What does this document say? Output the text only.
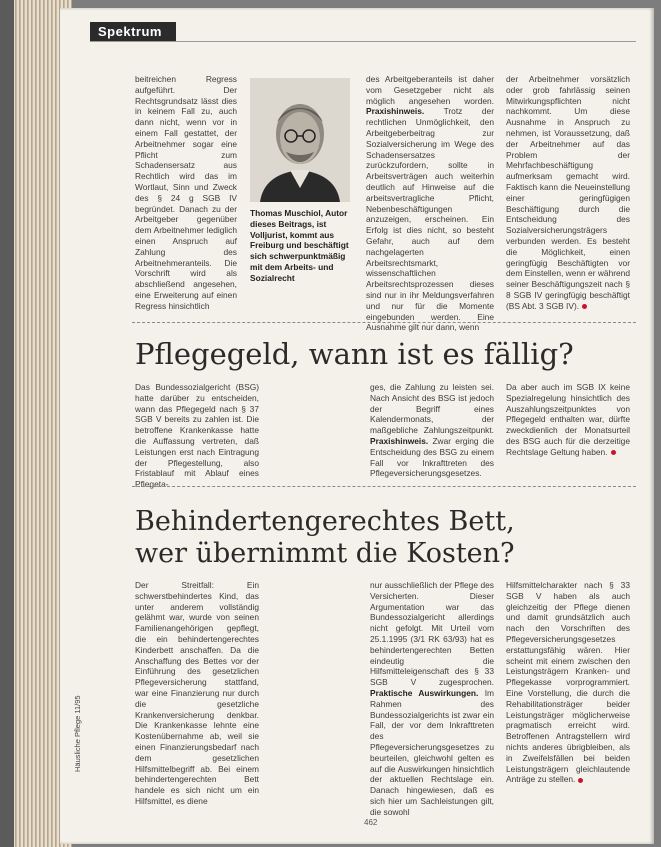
Spektrum

beitreichen Regress aufgeführt. Der Rechtsgrundsatz lässt dies in keinem Fall zu, auch dann nicht, wenn vor in einem Fall gestattet, der Arbeitnehmer sogar eine Pflicht zum Schadensersatz aus Rechtlich wird das im Wortlaut, Sinn und Zweck des § 24 g SGB IV begründet. Danach zu der Arbeitgeber gegenüber dem Arbeitnehmer lediglich einen Anspruch auf Zahlung des Arbeitnehmeranteils. Die Vorschrift wird als abschließend angesehen, eine Erweiterung auf einen Regress hinsichtlich

Thomas Muschiol, Autor dieses Beitrags, ist Volljurist, kommt aus Freiburg und beschäftigt sich schwerpunktmäßig mit dem Arbeits- und Sozialrecht

des Arbeitgeberanteils ist daher vom Gesetzgeber nicht als möglich angesehen worden. Praxishinweis. Trotz der rechtlichen Unmöglichkeit, den Arbeitgeberbeitrag zur Sozialversicherung im Wege des Schadensersatzes zurückzufordern, sollte in Arbeitsverträgen auch weiterhin deutlich auf Hinweise auf die arbeitsvertragliche Pflicht, Nebenbeschäftigungen anzuzeigen, erscheinen. Ein Erfolg ist dies nicht, so besteht Gefahr, auch auf dem nachgelagerten Arbeitsrechtsmarkt, wissenschaftlichen Arbeitsrechtsprozessen dieses sind nur in ihr Meldungsverfahren und nur für die Momente eingebunden werden. Eine Ausnahme gilt nur dann, wenn

der Arbeitnehmer vorsätzlich oder grob fahrlässig seinen Mitwirkungspflichten nicht nachkommt. Um diese Ausnahme in Anspruch zu nehmen, ist Voraussetzung, daß der Arbeitnehmer auf das Problem der Mehrfachbeschäftigung aufmerksam gemacht wird. Faktisch kann die Neueinstellung einer geringfügigen Beschäftigung durch die Entscheidung des Sozialversicherungsträgers verbunden werden. Es besteht die Möglichkeit, einen geringfügig Beschäftigten vor dem Einstellen, wenn er während seiner Beschäftigungszeit nach § 8 SGB IV geringfügig beschäftigt (BS Abt. 3 SGB IV).

Pflegegeld, wann ist es fällig?

Das Bundessozialgericht (BSG) hatte darüber zu entscheiden, wann das Pflegegeld nach § 37 SGB V bereits zu zahlen ist. Die betroffene Krankenkasse hatte die Auffassung vertreten, daß Leistungen erst nach Eintragung der Pflegestellung, also Fristablauf mit Ablauf eines Pflegeta-

ges, die Zahlung zu leisten sei. Nach Ansicht des BSG ist jedoch der Begriff eines Kalendermonats, der maßgebliche Zahlungszeitpunkt. Praxishinweis. Zwar erging die Entscheidung des BSG zu einem Fall vor Inkrafttreten des Pflegeversicherungsgesetzes.

Da aber auch im SGB IX keine Spezialregelung hinsichtlich des Auszahlungszeitpunktes von Pflegegeld enthalten war, dürfte zweckdienlich der Monatsurteil des BSG auch für die derzeitige Rechtslage Geltung haben.

Behindertengerechtes Bett,
wer übernimmt die Kosten?

Der Streitfall: Ein schwerstbehindertes Kind, das unter anderem vollständig gelähmt war, wurde von seinen Familienangehörigen gepflegt, die ein behindertengerechtes Kinderbett anschaffen. Da die Anschaffung des Bettes vor der Einführung des gesetzlichen Pflegeversicherung stattfand, war eine Finanzierung nur durch die gesetzliche Krankenversicherung denkbar. Die Krankenkasse lehnte eine Kostenübernahme ab, weil sie einen Finanzierungsbedarf nach dem gesetzlichen Hilfsmittelbegriff ab. Bei einem behindertengerechten Bett handele es sich nicht um ein Hilfsmittel, es diene

nur ausschließlich der Pflege des Versicherten. Dieser Argumentation war das Bundessozialgericht allerdings nicht gefolgt. Mit Urteil vom 25.1.1995 (3/1 RK 63/93) hat es behindertengerechten Betten eindeutig die Hilfsmitteleigenschaft des § 33 SGB V zugesprochen. Praktische Auswirkungen. Im Rahmen des Bundessozialgerichts ist zwar ein Fall, der vor dem Inkrafttreten des Pflegeversicherungsgesetzes zu beurteilen, gleichwohl gelten es auf die Auswirkungen hinsichtlich der aktuellen Rechtslage ein. Danach hingewiesen, daß es sich hier um Sachleistungen gilt, die sowohl

Hilfsmittelcharakter nach § 33 SGB V haben als auch gleichzeitig der Pflege dienen und damit grundsätzlich auch nach den Vorschriften des Pflegeversicherungsgesetzes erstattungsfähig wären. Hier scheint mit einem zwischen den Leistungsträgern Kranken- und Pflegekasse vorprogrammiert. Eine Vorstellung, die durch die Rehabilitationsträger beider Leistungsträger möglicherweise pragmatisch erreicht wird. Betroffenen Antragstellern wird nichts anderes übrigbleiben, als in Zweifelsfällen bei beiden Leistungsträgern gleichlautende Anträge zu stellen.

Häusliche Pflege 11/95
462
